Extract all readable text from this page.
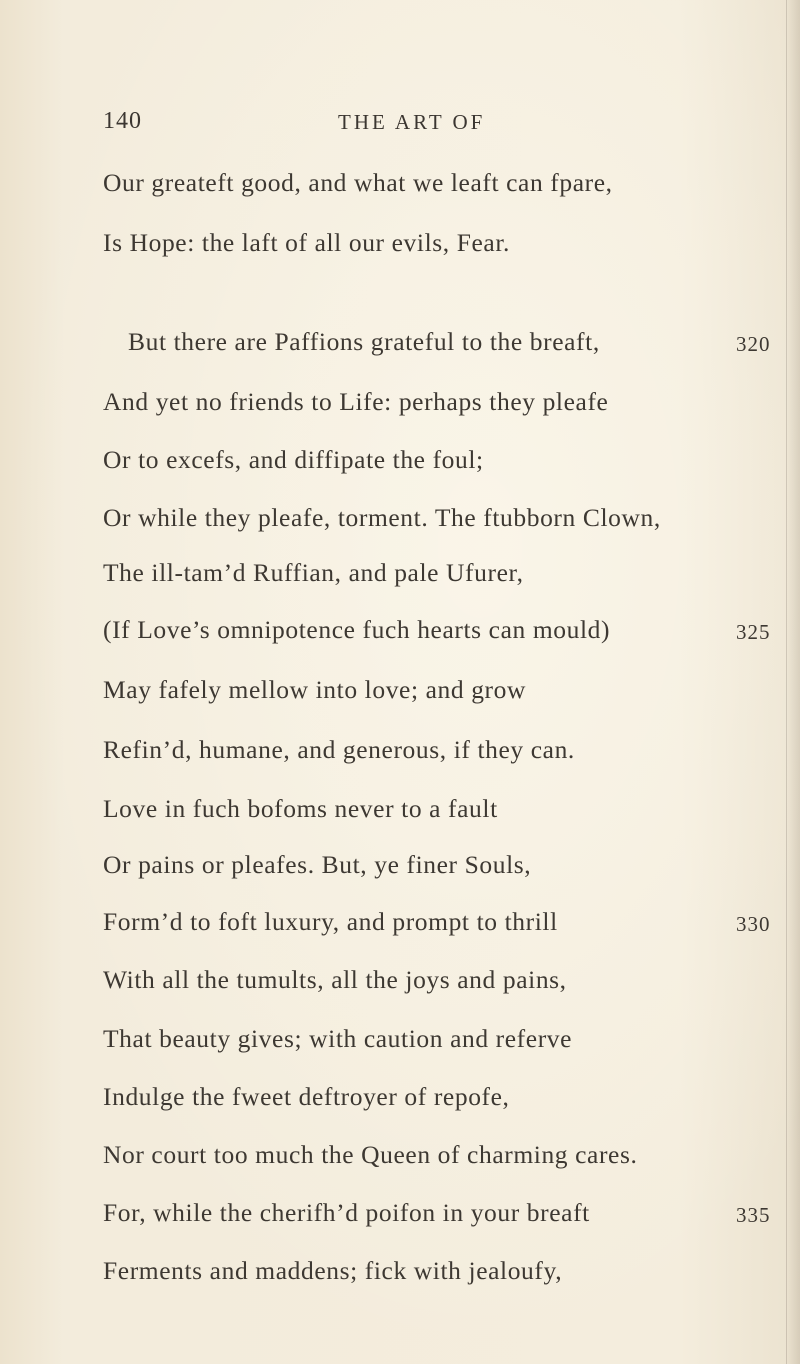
140	THE ART OF
Our greateft good, and what we leaft can fpare,
Is Hope: the laft of all our evils, Fear.
But there are Paffions grateful to the breaft,	320
And yet no friends to Life: perhaps they pleafe
Or to excefs, and diffipate the foul;
Or while they pleafe, torment. The ftubborn Clown,
The ill-tam’d Ruffian, and pale Ufurer,
(If Love’s omnipotence fuch hearts can mould)	325
May fafely mellow into love; and grow
Refin’d, humane, and generous, if they can.
Love in fuch bofoms never to a fault
Or pains or pleafes. But, ye finer Souls,
Form’d to foft luxury, and prompt to thrill	330
With all the tumults, all the joys and pains,
That beauty gives; with caution and referve
Indulge the fweet deftroyer of repofe,
Nor court too much the Queen of charming cares.
For, while the cherifh’d poifon in your breaft	335
Ferments and maddens; fick with jealoufy,
